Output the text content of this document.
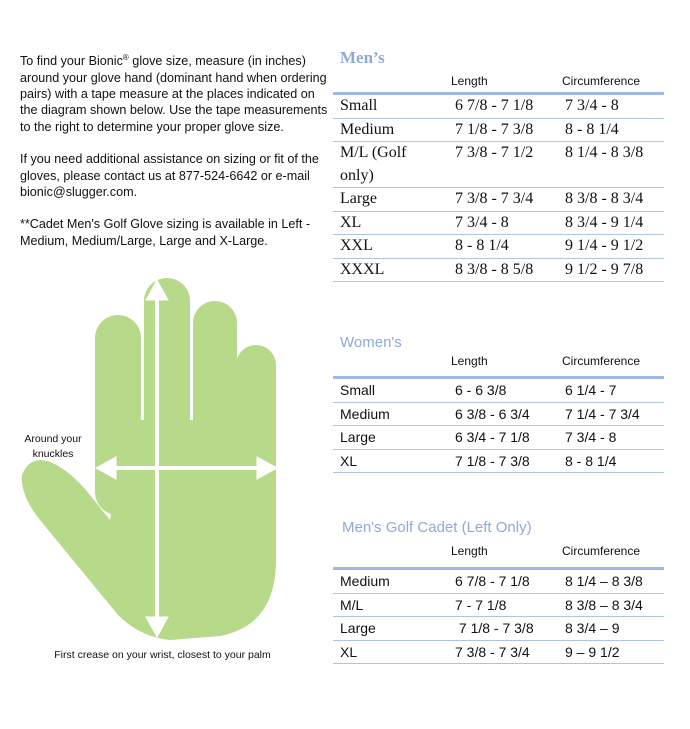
To find your Bionic® glove size, measure (in inches) around your glove hand (dominant hand when ordering pairs) with a tape measure at the places indicated on the diagram shown below. Use the tape measurements to the right to determine your proper glove size.

If you need additional assistance on sizing or fit of the gloves, please contact us at 877-524-6642 or e-mail bionic@slugger.com.

**Cadet Men's Golf Glove sizing is available in Left - Medium, Medium/Large, Large and X-Large.

Around your knuckles
First crease on your wrist, closest to your palm
Men’s
Length	Circumference
Small	6 7/8 - 7 1/8	7 3/4 - 8
Medium	7 1/8 - 7 3/8	8 - 8 1/4
M/L (Golf only)	7 3/8 - 7 1/2	8 1/4 - 8 3/8
Large	7 3/8 - 7 3/4	8 3/8 - 8 3/4
XL	7 3/4 - 8	8 3/4 - 9 1/4
XXL	8 - 8 1/4	9 1/4 - 9 1/2
XXXL	8 3/8 - 8 5/8	9 1/2 - 9 7/8
Women's
Length	Circumference
Small	6 - 6 3/8	6 1/4 - 7
Medium	6 3/8 - 6 3/4	7 1/4 - 7 3/4
Large	6 3/4 - 7 1/8	7 3/4 - 8
XL	7 1/8 - 7 3/8	8 - 8 1/4
Men's Golf Cadet (Left Only)
Length	Circumference
Medium	6 7/8 - 7 1/8	8 1/4 – 8 3/8
M/L	7 - 7 1/8	8 3/8 – 8 3/4
Large	7 1/8 - 7 3/8	8 3/4 – 9
XL	7 3/8 - 7 3/4	9 – 9 1/2
